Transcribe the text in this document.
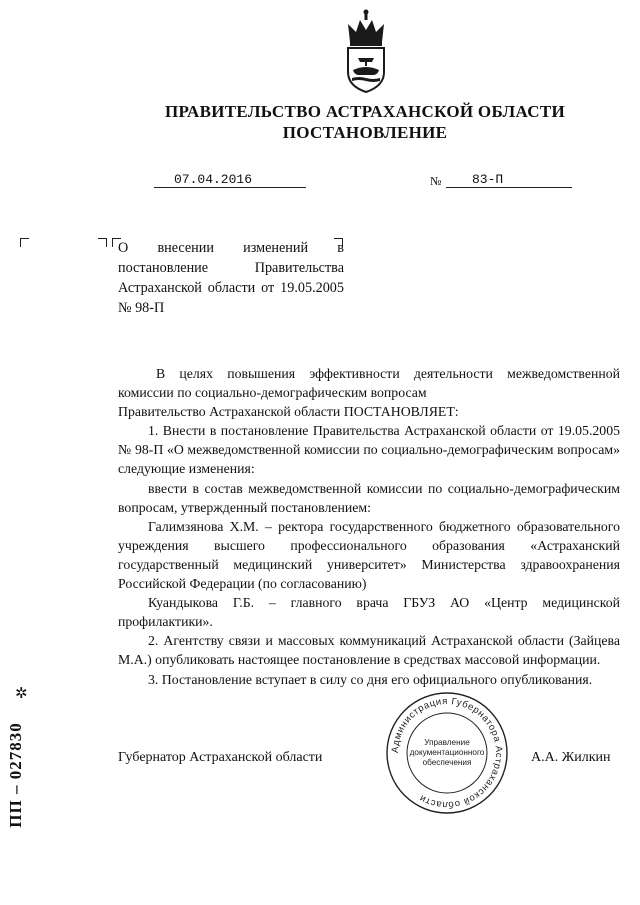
ПРАВИТЕЛЬСТВО АСТРАХАНСКОЙ ОБЛАСТИ
ПОСТАНОВЛЕНИЕ
07.04.2016	№	83-П
О внесении изменений в постановление Правительства Астраханской области от 19.05.2005 № 98-П

В целях повышения эффективности деятельности межведомственной комиссии по социально-демографическим вопросам

Правительство Астраханской области ПОСТАНОВЛЯЕТ:

1. Внести в постановление Правительства Астраханской области от 19.05.2005 № 98-П «О межведомственной комиссии по социально-демографическим вопросам» следующие изменения:

ввести в состав межведомственной комиссии по социально-демографическим вопросам, утвержденный постановлением:

Галимзянова Х.М. – ректора государственного бюджетного образовательного учреждения высшего профессионального образования «Астраханский государственный медицинский университет» Министерства здравоохранения Российской Федерации (по согласованию)

Куандыкова Г.Б. – главного врача ГБУЗ АО «Центр медицинской профилактики».

2. Агентству связи и массовых коммуникаций Астраханской области (Зайцева М.А.) опубликовать настоящее постановление в средствах массовой информации.

3. Постановление вступает в силу со дня его официального опубликования.

Губернатор Астраханской области	А.А. Жилкин
Администрация Губернатора Астраханской области
Управление
документационного
обеспечения
✲
ПП – 027830
